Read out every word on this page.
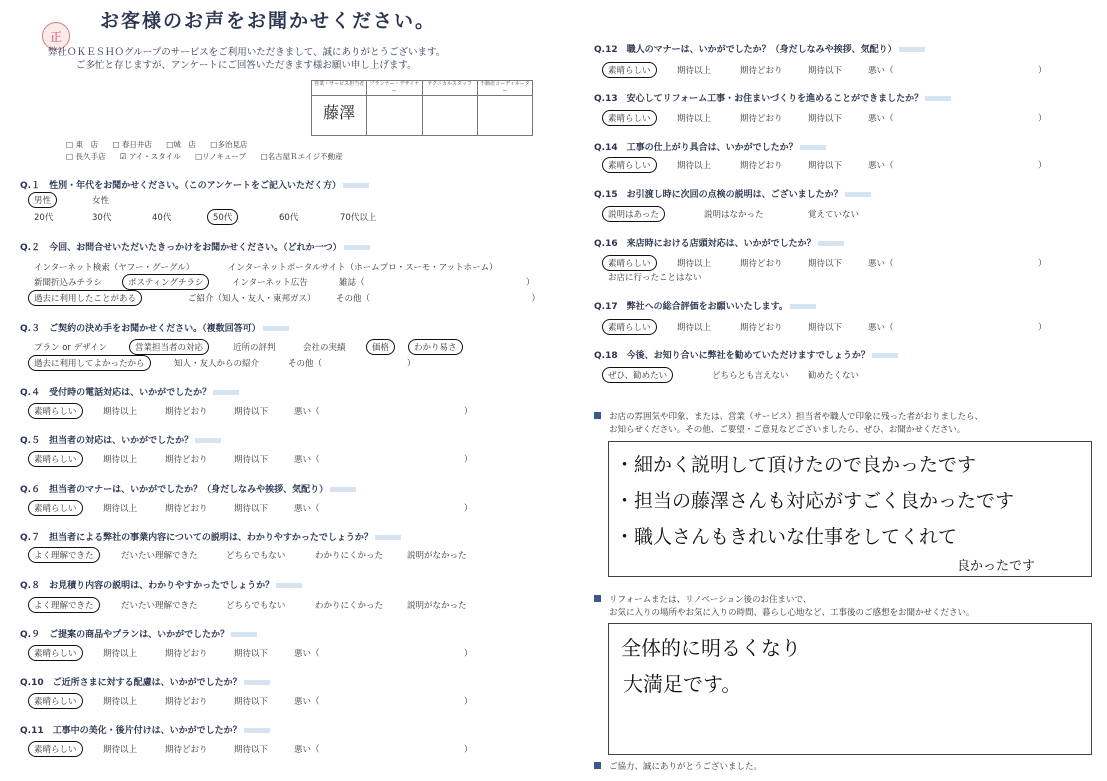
正
お客様のお声をお聞かせください。
弊社ＯＫＥＳＨＯグループのサービスをご利用いただきまして、誠にありがとうございます。
ご多忙と存じますが、アンケートにご回答いただきます様お願い申し上げます。
営業・サービス担当者
藤澤
プランナー・デザイナー
テクニカルスタッフ	不動産コーディネーター
□ 東　店 □ 春日井店 □城　店 □多治見店
□ 長久手店 ☑ アイ・スタイル □リノキューブ □名古屋Ｒエイジ不動産
Q.１　性別・年代をお聞かせください。（このアンケートをご記入いただく方）
男性	女性
20代	30代	40代	50代	60代	70代以上
Q.２　今回、お問合せいただいたきっかけをお聞かせください。（どれか一つ）
インターネット検索（ヤフー・グーグル）	インターネットポータルサイト（ホームプロ・スーモ・アットホーム）
新聞折込みチラシ	ポスティングチラシ	インターネット広告	雑誌（　　　　　　　　　　　　　　　　　　　）
過去に利用したことがある	ご紹介（知人・友人・東邦ガス） その他（　　　　　　　　　　　　　　　　　　　）
Q.３　ご契約の決め手をお聞かせください。（複数回答可）
プラン or デザイン	営業担当者の対応	近所の評判	会社の実績	価格	わかり易さ
過去に利用してよかったから	知人・友人からの紹介	その他（　　　　　　　　　　）
Q.４　受付時の電話対応は、いかがでしたか？
素晴らしい	期待以上	期待どおり	期待以下	悪い（　　　　　　　　　　　　　　　　　）
Q.５　担当者の対応は、いかがでしたか？
素晴らしい	期待以上	期待どおり	期待以下	悪い（　　　　　　　　　　　　　　　　　）
Q.６　担当者のマナーは、いかがでしたか？（身だしなみや挨拶、気配り）
素晴らしい	期待以上	期待どおり	期待以下	悪い（　　　　　　　　　　　　　　　　　）
Q.７　担当者による弊社の事業内容についての説明は、わかりやすかったでしょうか？
よく理解できた	だいたい理解できた	どちらでもない	わかりにくかった	説明がなかった
Q.８　お見積り内容の説明は、わかりやすかったでしょうか？
よく理解できた	だいたい理解できた	どちらでもない	わかりにくかった	説明がなかった
Q.９　ご提案の商品やプランは、いかがでしたか？
素晴らしい	期待以上	期待どおり	期待以下	悪い（　　　　　　　　　　　　　　　　　）
Q.10　ご近所さまに対する配慮は、いかがでしたか？
素晴らしい	期待以上	期待どおり	期待以下	悪い（　　　　　　　　　　　　　　　　　）
Q.11　工事中の美化・後片付けは、いかがでしたか？
素晴らしい	期待以上	期待どおり	期待以下	悪い（　　　　　　　　　　　　　　　　　）
Q.12　職人のマナーは、いかがでしたか？（身だしなみや挨拶、気配り）
素晴らしい	期待以上	期待どおり	期待以下	悪い（　　　　　　　　　　　　　　　　　）
Q.13　安心してリフォーム工事・お住まいづくりを進めることができましたか？
素晴らしい	期待以上	期待どおり	期待以下	悪い（　　　　　　　　　　　　　　　　　）
Q.14　工事の仕上がり具合は、いかがでしたか？
素晴らしい	期待以上	期待どおり	期待以下	悪い（　　　　　　　　　　　　　　　　　）
Q.15　お引渡し時に次回の点検の説明は、ございましたか？
説明はあった	説明はなかった	覚えていない
Q.16　来店時における店頭対応は、いかがでしたか？
素晴らしい	期待以上	期待どおり	期待以下	悪い（　　　　　　　　　　　　　　　　　）
お店に行ったことはない
Q.17　弊社への総合評価をお願いいたします。
素晴らしい	期待以上	期待どおり	期待以下	悪い（　　　　　　　　　　　　　　　　　）
Q.18　今後、お知り合いに弊社を勧めていただけますでしょうか？
ぜひ、勧めたい	どちらとも言えない 勧めたくない
お店の雰囲気や印象、または、営業（サービス）担当者や職人で印象に残った者がおりましたら、
お知らせください。その他、ご要望・ご意見などございましたら、ぜひ、お聞かせください。
・細かく説明して頂けたので良かったです
・担当の藤澤さんも対応がすごく良かったです
・職人さんもきれいな仕事をしてくれて
良かったです
リフォームまたは、リノベーション後のお住まいで、
お気に入りの場所やお気に入りの時間、暮らし心地など、工事後のご感想をお聞かせください。
全体的に明るくなり
大満足です。
ご協力、誠にありがとうございました。
